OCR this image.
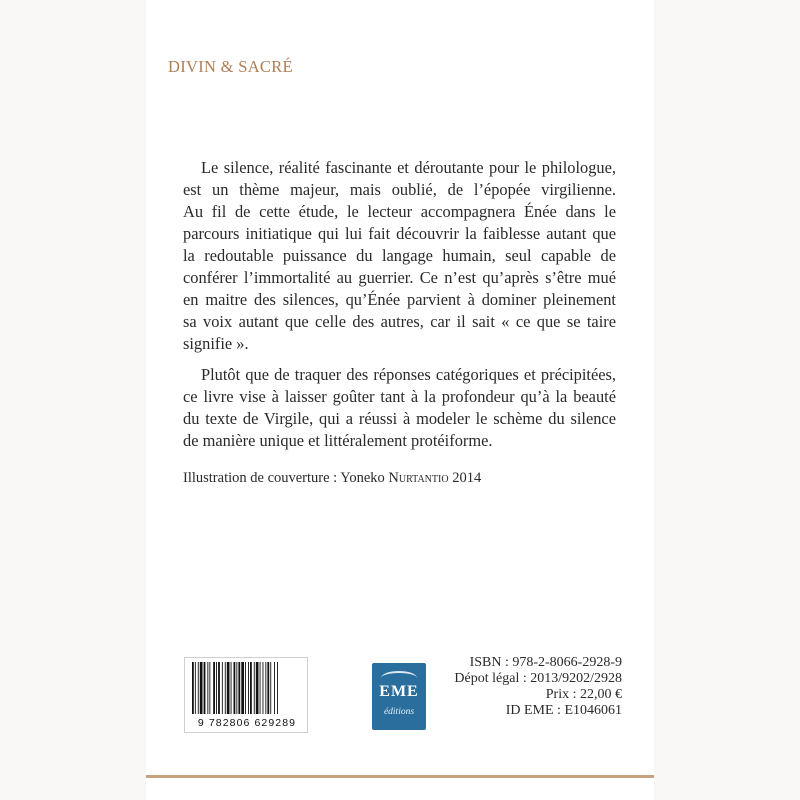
DIVIN & SACRÉ

Le silence, réalité fascinante et déroutante pour le philologue,
est un thème majeur, mais oublié, de l’épopée virgilienne.
Au fil de cette étude, le lecteur accompagnera Énée dans le
parcours initiatique qui lui fait découvrir la faiblesse autant que
la redoutable puissance du langage humain, seul capable de
conférer l’immortalité au guerrier. Ce n’est qu’après s’être mué
en maitre des silences, qu’Énée parvient à dominer pleinement
sa voix autant que celle des autres, car il sait « ce que se taire
signifie ».

Plutôt que de traquer des réponses catégoriques et précipitées,
ce livre vise à laisser goûter tant à la profondeur qu’à la beauté
du texte de Virgile, qui a réussi à modeler le schème du silence
de manière unique et littéralement protéiforme.

Illustration de couverture : Yoneko Nurtantio 2014
9 782806 629289
EME
éditions
ISBN : 978-2-8066-2928-9
Dépot légal : 2013/9202/2928
Prix : 22,00 €
ID EME : E1046061
